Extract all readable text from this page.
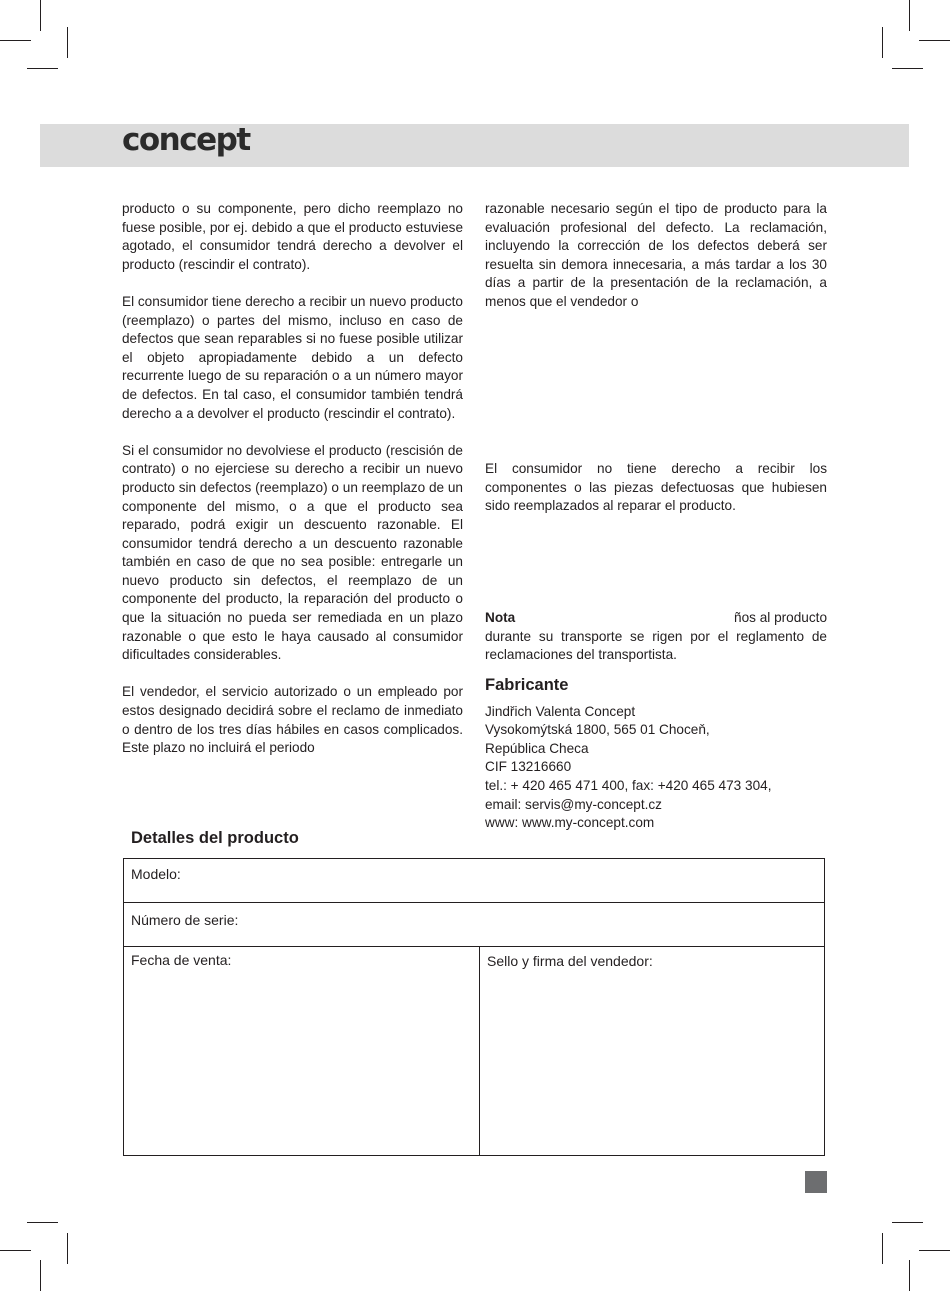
concept

producto o su componente, pero dicho reemplazo no fuese posible, por ej. debido a que el producto estuviese agotado, el consumidor tendrá derecho a devolver el producto (rescindir el contrato).

El consumidor tiene derecho a recibir un nuevo producto (reemplazo) o partes del mismo, incluso en caso de defectos que sean reparables si no fuese posible utilizar el objeto apropiadamente debido a un defecto recurrente luego de su reparación o a un número mayor de defectos. En tal caso, el consumidor también tendrá derecho a a devolver el producto (rescindir el contrato).

Si el consumidor no devolviese el producto (rescisión de contrato) o no ejerciese su derecho a recibir un nuevo producto sin defectos (reemplazo) o un reemplazo de un componente del mismo, o a que el producto sea reparado, podrá exigir un descuento razonable. El consumidor tendrá derecho a un descuento razonable también en caso de que no sea posible: entregarle un nuevo producto sin defectos, el reemplazo de un componente del producto, la reparación del producto o que la situación no pueda ser remediada en un plazo razonable o que esto le haya causado al consumidor dificultades considerables.

El vendedor, el servicio autorizado o un empleado por estos designado decidirá sobre el reclamo de inmediato o dentro de los tres días hábiles en casos complicados. Este plazo no incluirá el periodo

razonable necesario según el tipo de producto para la evaluación profesional del defecto. La reclamación, incluyendo la corrección de los defectos deberá ser resuelta sin demora innecesaria, a más tardar a los 30 días a partir de la presentación de la reclamación, a menos que el vendedor o

El consumidor no tiene derecho a recibir los componentes o las piezas defectuosas que hubiesen sido reemplazados al reparar el producto.

Nota	ños al producto

durante su transporte se rigen por el reglamento de reclamaciones del transportista.

Fabricante
Jindřich Valenta Concept
Vysokomýtská 1800, 565 01 Choceň,
República Checa
CIF 13216660
tel.: + 420 465 471 400, fax: +420 465 473 304,
email: servis@my-concept.cz
www: www.my-concept.com
Detalles del producto
Modelo:
Número de serie:
Fecha de venta:	Sello y firma del vendedor:
